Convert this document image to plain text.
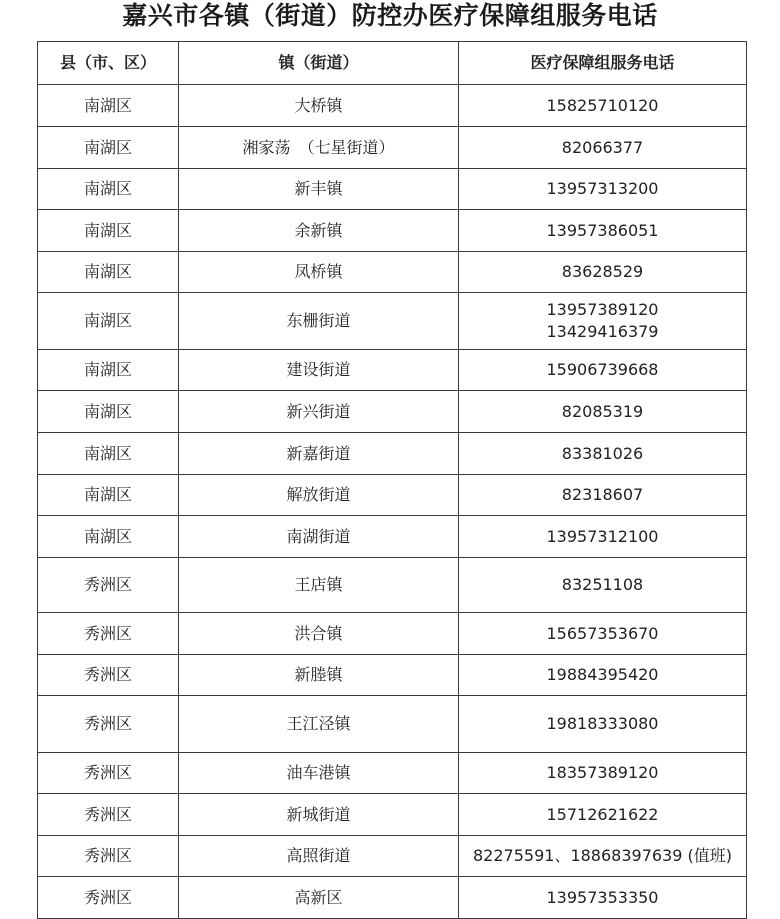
嘉兴市各镇（街道）防控办医疗保障组服务电话
县（市、区）	镇（街道）	医疗保障组服务电话
南湖区	大桥镇	15825710120

南湖区	湘家荡　（七星街道）	82066377

南湖区	新丰镇	13957313200

南湖区	余新镇	13957386051

南湖区	凤桥镇	83628529

南湖区	东栅街道	13957389120
13429416379

南湖区	建设街道	15906739668

南湖区	新兴街道	82085319

南湖区	新嘉街道	83381026

南湖区	解放街道	82318607

南湖区	南湖街道	13957312100

秀洲区	王店镇	83251108

秀洲区	洪合镇	15657353670

秀洲区	新塍镇	19884395420

秀洲区	王江泾镇	19818333080

秀洲区	油车港镇	18357389120

秀洲区	新城街道	15712621622

秀洲区	高照街道	82275591、18868397639 (值班)

秀洲区	高新区	13957353350
